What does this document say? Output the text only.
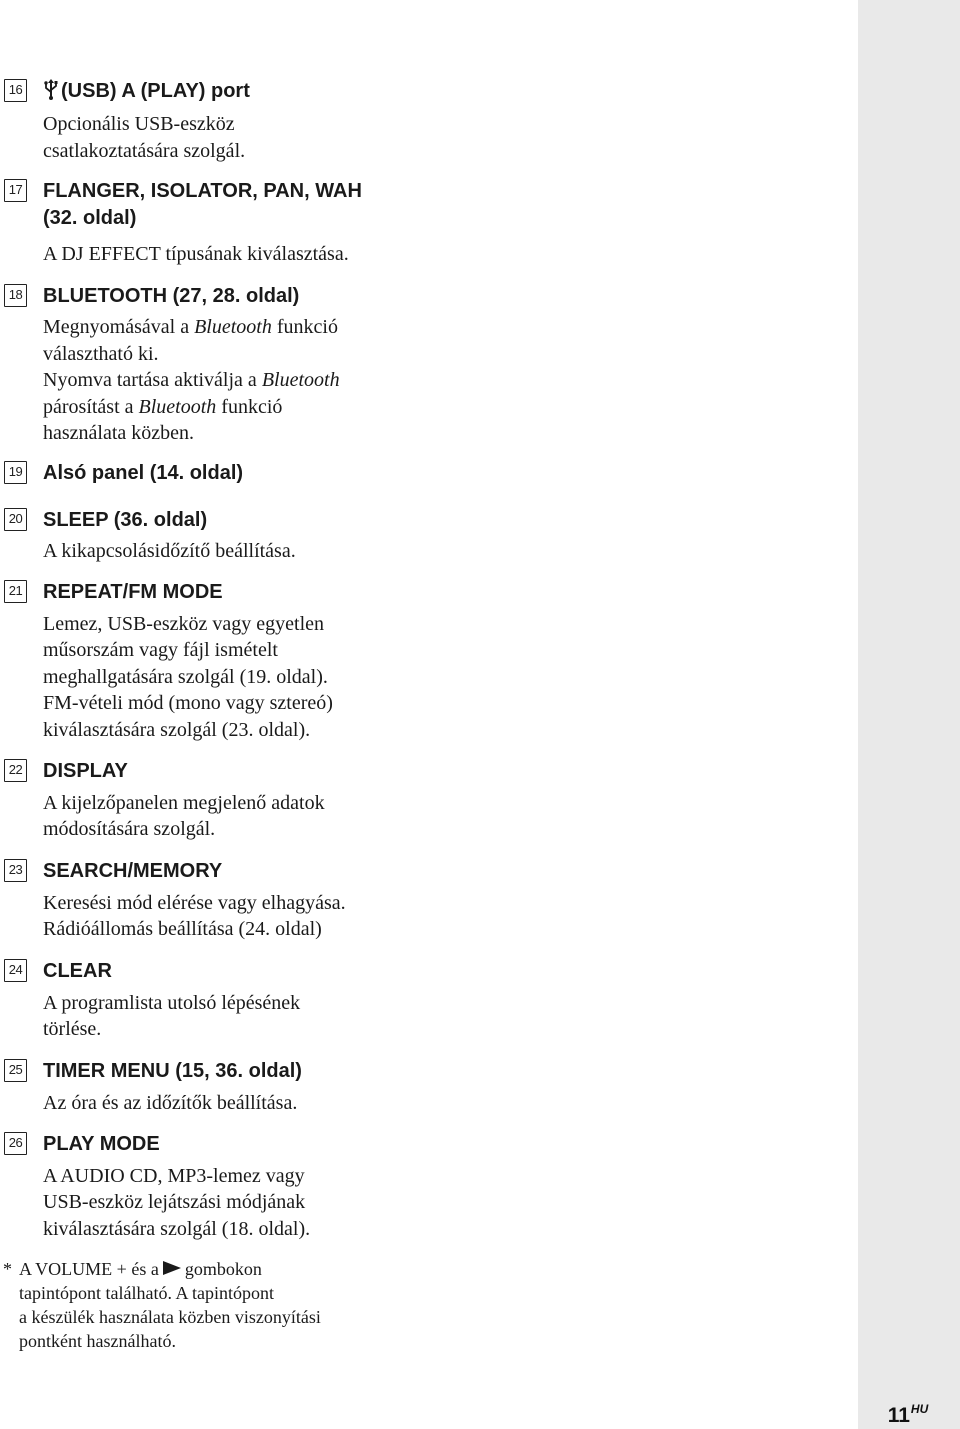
16	(USB) A (PLAY) port
Opcionális USB-eszköz
csatlakoztatására szolgál.
17 FLANGER, ISOLATOR, PAN, WAH
(32. oldal)
A DJ EFFECT típusának kiválasztása.
18 BLUETOOTH (27, 28. oldal)
Megnyomásával a Bluetooth funkció
választható ki.
Nyomva tartása aktiválja a Bluetooth
párosítást a Bluetooth funkció
használata közben.
19 Alsó panel (14. oldal)
20 SLEEP (36. oldal)
A kikapcsolásidőzítő beállítása.
21 REPEAT/FM MODE
Lemez, USB-eszköz vagy egyetlen
műsorszám vagy fájl ismételt
meghallgatására szolgál (19. oldal).
FM-vételi mód (mono vagy sztereó)
kiválasztására szolgál (23. oldal).
22 DISPLAY
A kijelzőpanelen megjelenő adatok
módosítására szolgál.
23 SEARCH/MEMORY
Keresési mód elérése vagy elhagyása.
Rádióállomás beállítása (24. oldal)
24 CLEAR
A programlista utolsó lépésének
törlése.
25 TIMER MENU (15, 36. oldal)
Az óra és az időzítők beállítása.
26 PLAY MODE
A AUDIO CD, MP3-lemez vagy
USB-eszköz lejátszási módjának
kiválasztására szolgál (18. oldal).
* A VOLUME + és a gombokon
tapintópont található. A tapintópont
a készülék használata közben viszonyítási
pontként használható.
$11^{HU}$
